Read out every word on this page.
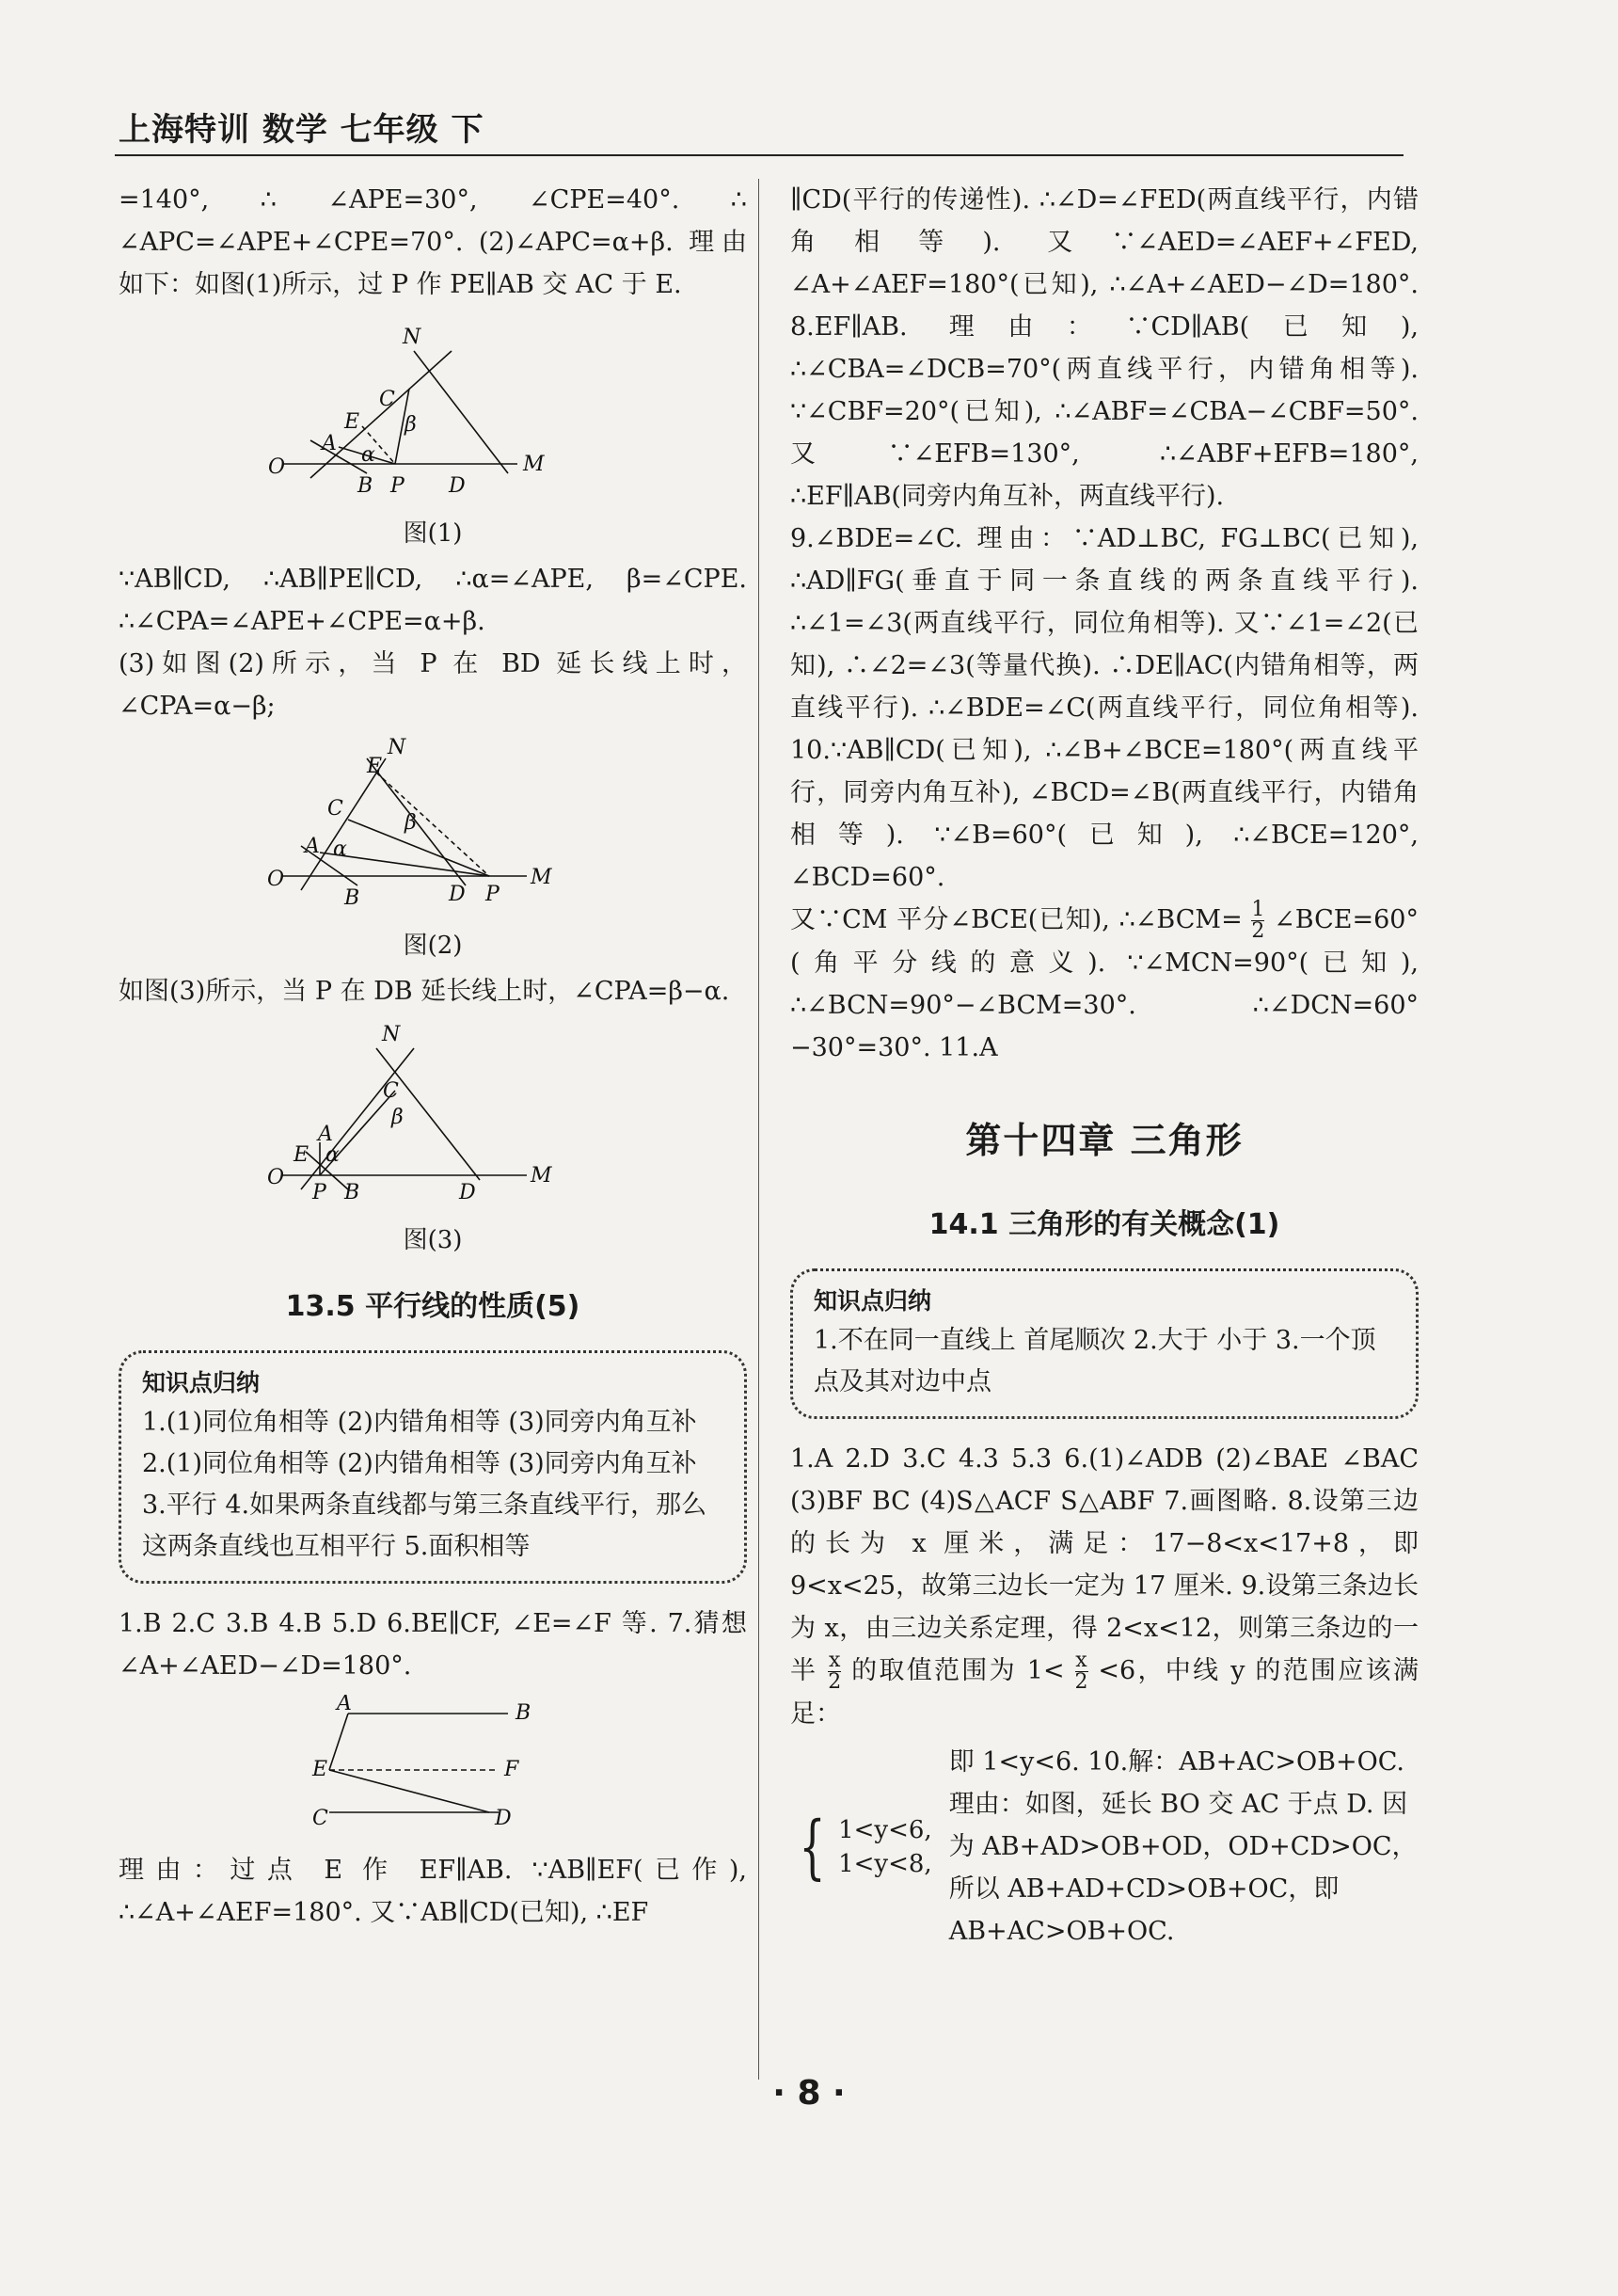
上海特训 数学 七年级 下

=140°, ∴ ∠APE=30°, ∠CPE=40°. ∴ ∠APC=∠APE+∠CPE=70°. (2)∠APC=α+β. 理由如下：如图(1)所示，过 P 作 PE∥AB 交 AC 于 E.

N
C
E
A
O
B P D
M
α
β
图(1)

∵AB∥CD, ∴AB∥PE∥CD, ∴α=∠APE, β=∠CPE. ∴∠CPA=∠APE+∠CPE=α+β.

(3)如图(2)所示，当 P 在 BD 延长线上时，∠CPA=α−β;

N
E
C
A
O
B	D P
M
α
β
图(2)

如图(3)所示，当 P 在 DB 延长线上时，∠CPA=β−α.

N
C
A
E
O
P B	D
M
α
β
图(3)
13.5 平行线的性质(5)
知识点归纳
1.(1)同位角相等 (2)内错角相等 (3)同旁内角互补 2.(1)同位角相等 (2)内错角相等 (3)同旁内角互补 3.平行 4.如果两条直线都与第三条直线平行，那么这两条直线也互相平行 5.面积相等

1.B 2.C 3.B 4.B 5.D 6.BE∥CF, ∠E=∠F 等. 7.猜想∠A+∠AED−∠D=180°.

A	B
E	F
C	D

理由：过点 E 作 EF∥AB. ∵AB∥EF(已作), ∴∠A+∠AEF=180°. 又∵AB∥CD(已知), ∴EF

∥CD(平行的传递性). ∴∠D=∠FED(两直线平行，内错角相等). 又∵∠AED=∠AEF+∠FED, ∠A+∠AEF=180°(已知), ∴∠A+∠AED−∠D=180°. 8.EF∥AB. 理由：∵CD∥AB(已知), ∴∠CBA=∠DCB=70°(两直线平行，内错角相等). ∵∠CBF=20°(已知), ∴∠ABF=∠CBA−∠CBF=50°. 又∵∠EFB=130°, ∴∠ABF+EFB=180°, ∴EF∥AB(同旁内角互补，两直线平行).

9.∠BDE=∠C. 理由：∵AD⊥BC, FG⊥BC(已知), ∴AD∥FG(垂直于同一条直线的两条直线平行). ∴∠1=∠3(两直线平行，同位角相等). 又∵∠1=∠2(已知), ∴∠2=∠3(等量代换). ∴DE∥AC(内错角相等，两直线平行). ∴∠BDE=∠C(两直线平行，同位角相等). 10.∵AB∥CD(已知), ∴∠B+∠BCE=180°(两直线平行，同旁内角互补), ∠BCD=∠B(两直线平行，内错角相等). ∵∠B=60°(已知), ∴∠BCE=120°, ∠BCD=60°.

又∵CM 平分∠BCE(已知), ∴∠BCM= $\frac{1}{2}$ ∠BCE=60°(角平分线的意义). ∵∠MCN=90°(已知), ∴∠BCN=90°−∠BCM=30°. ∴∠DCN=60°−30°=30°. 11.A

第十四章 三角形
14.1 三角形的有关概念(1)
知识点归纳
1.不在同一直线上 首尾顺次 2.大于 小于 3.一个顶点及其对边中点

1.A 2.D 3.C 4.3 5.3 6.(1)∠ADB (2)∠BAE ∠BAC (3)BF BC (4)S△ACF S△ABF 7.画图略. 8.设第三边的长为 x 厘米，满足：17−8<x<17+8，即 9<x<25，故第三边长一定为 17 厘米. 9.设第三条边长为 x，由三边关系定理，得 2<x<12，则第三条边的一半 $\frac{x}{2}$ 的取值范围为 $1< \frac{x}{2} <6$，中线 y 的范围应该满足：

{ 1<y<6,
1<y<8,
即 1<y<6. 10.解：AB+AC>OB+OC. 理由：如图，延长 BO 交 AC 于点 D. 因为 AB+AD>OB+OD，OD+CD>OC，所以 AB+AD+CD>OB+OC，即 AB+AC>OB+OC.
· 8 ·
